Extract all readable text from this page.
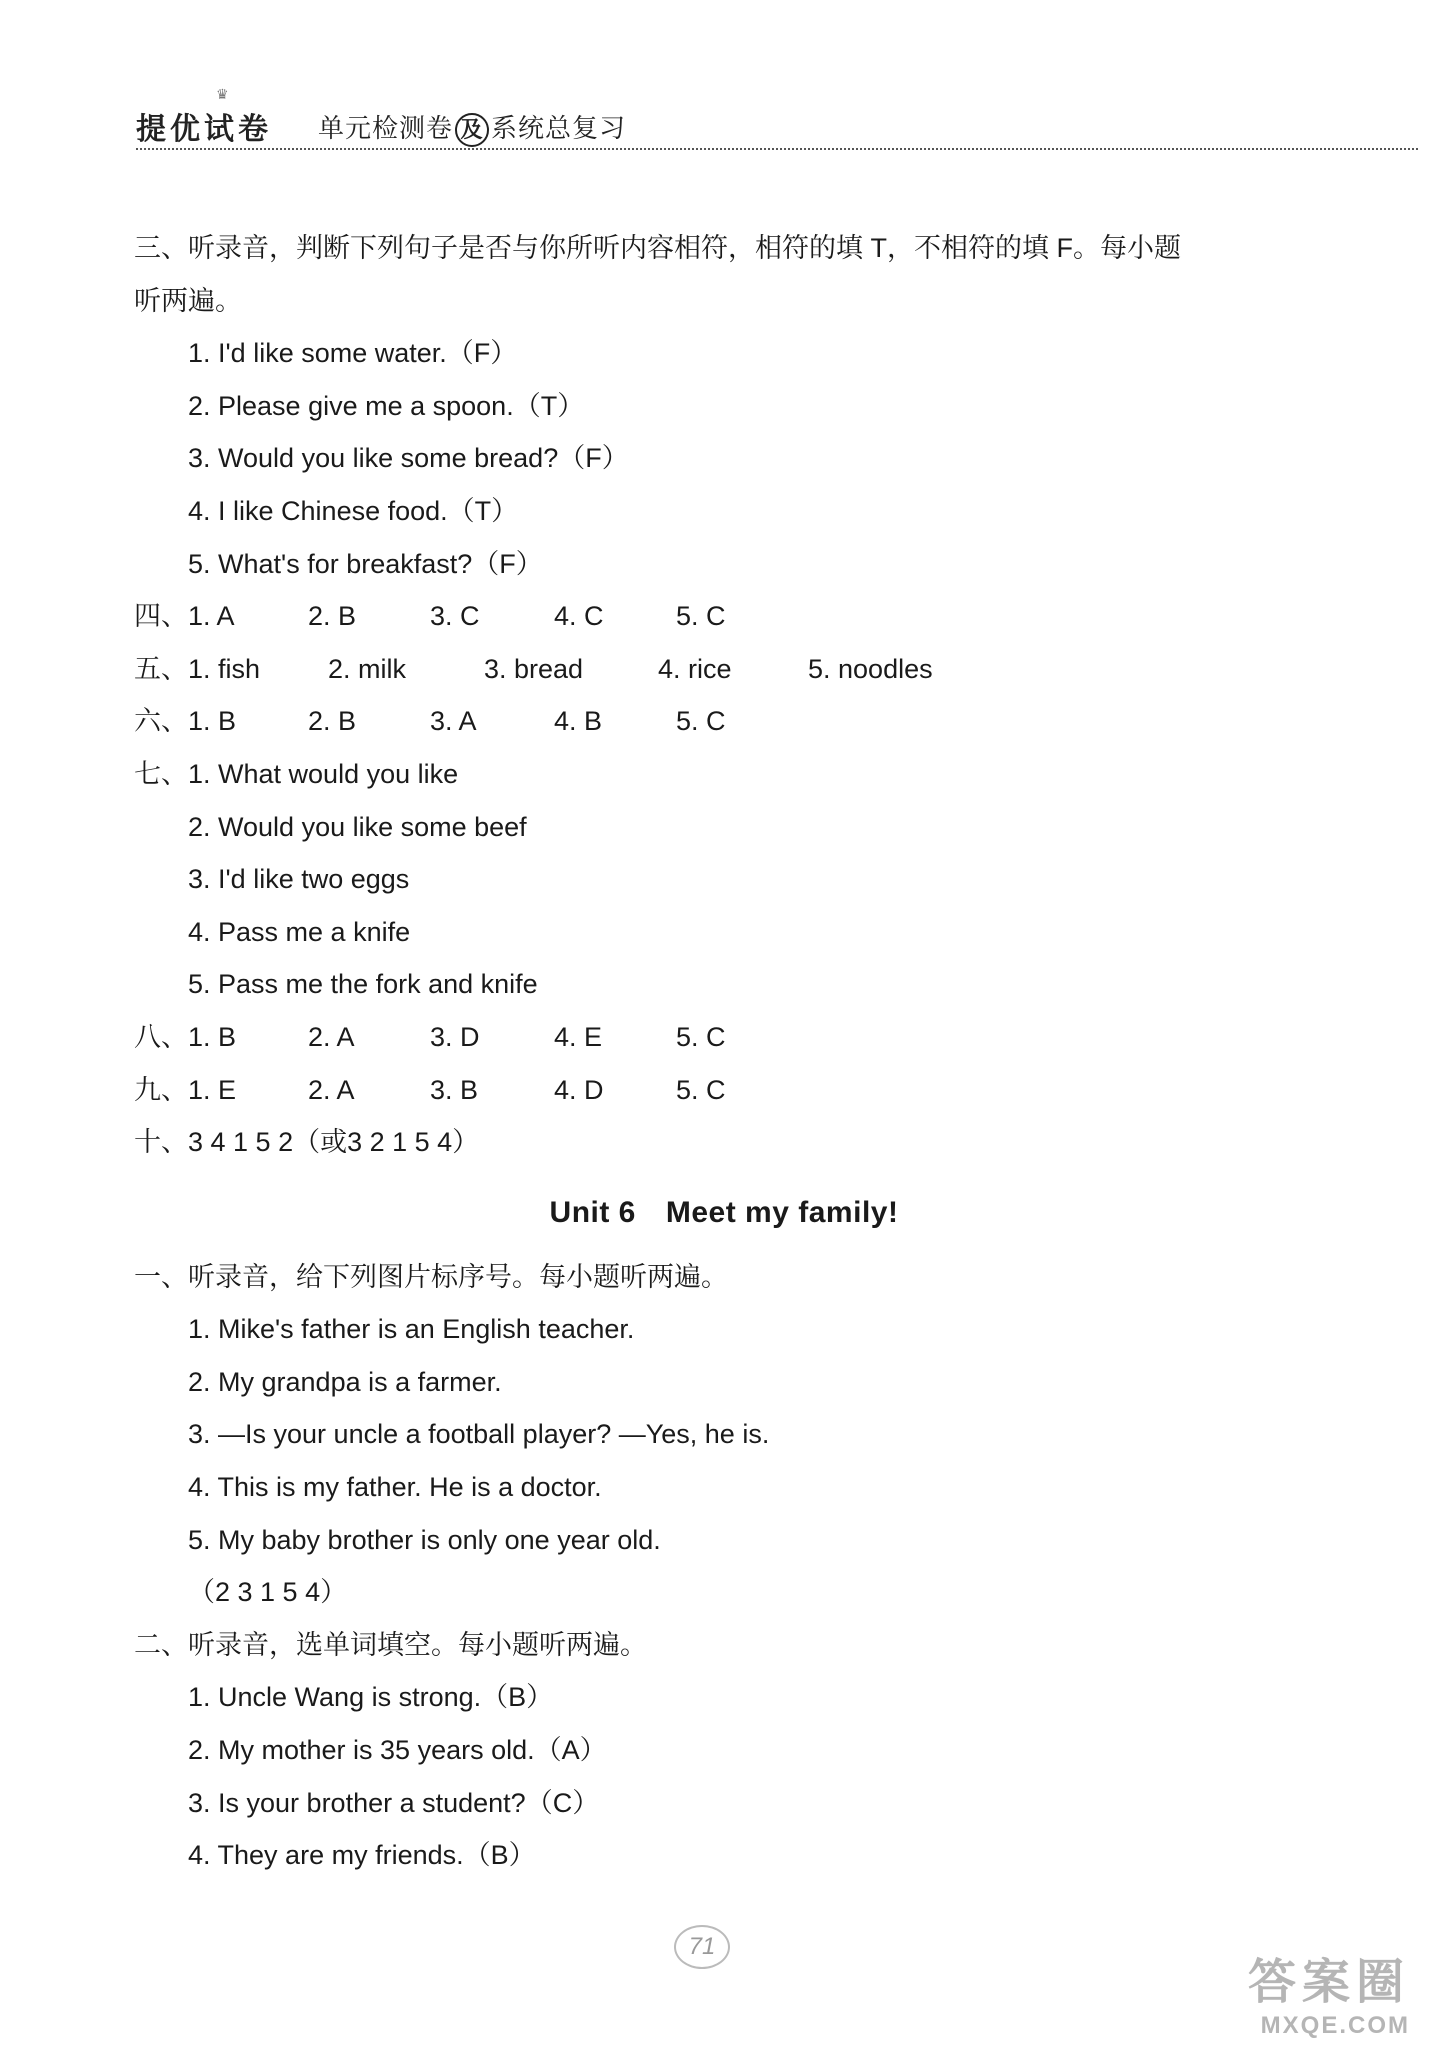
♛
提优试卷 单元检测卷 及 系统总复习
三、听录音，判断下列句子是否与你所听内容相符，相符的填 T，不相符的填 F。每小题
听两遍。
1. I'd like some water.（F）
2. Please give me a spoon.（T）
3. Would you like some bread?（F）
4. I like Chinese food.（T）
5. What's for breakfast?（F）
四、1. A	2. B	3. C	4. C	5. C
五、1. fish	2. milk	3. bread	4. rice	5. noodles
六、1. B	2. B	3. A	4. B	5. C
七、1. What would you like
2. Would you like some beef
3. I'd like two eggs
4. Pass me a knife
5. Pass me the fork and knife
八、1. B	2. A	3. D	4. E	5. C
九、1. E	2. A	3. B	4. D	5. C
十、3 4 1 5 2（或3 2 1 5 4）
Unit 6 Meet my family!
一、听录音，给下列图片标序号。每小题听两遍。
1. Mike's father is an English teacher.
2. My grandpa is a farmer.
3. —Is your uncle a football player? —Yes, he is.
4. This is my father. He is a doctor.
5. My baby brother is only one year old.
（2 3 1 5 4）
二、听录音，选单词填空。每小题听两遍。
1. Uncle Wang is strong.（B）
2. My mother is 35 years old.（A）
3. Is your brother a student?（C）
4. They are my friends.（B）
71
答案圈
MXQE.COM
